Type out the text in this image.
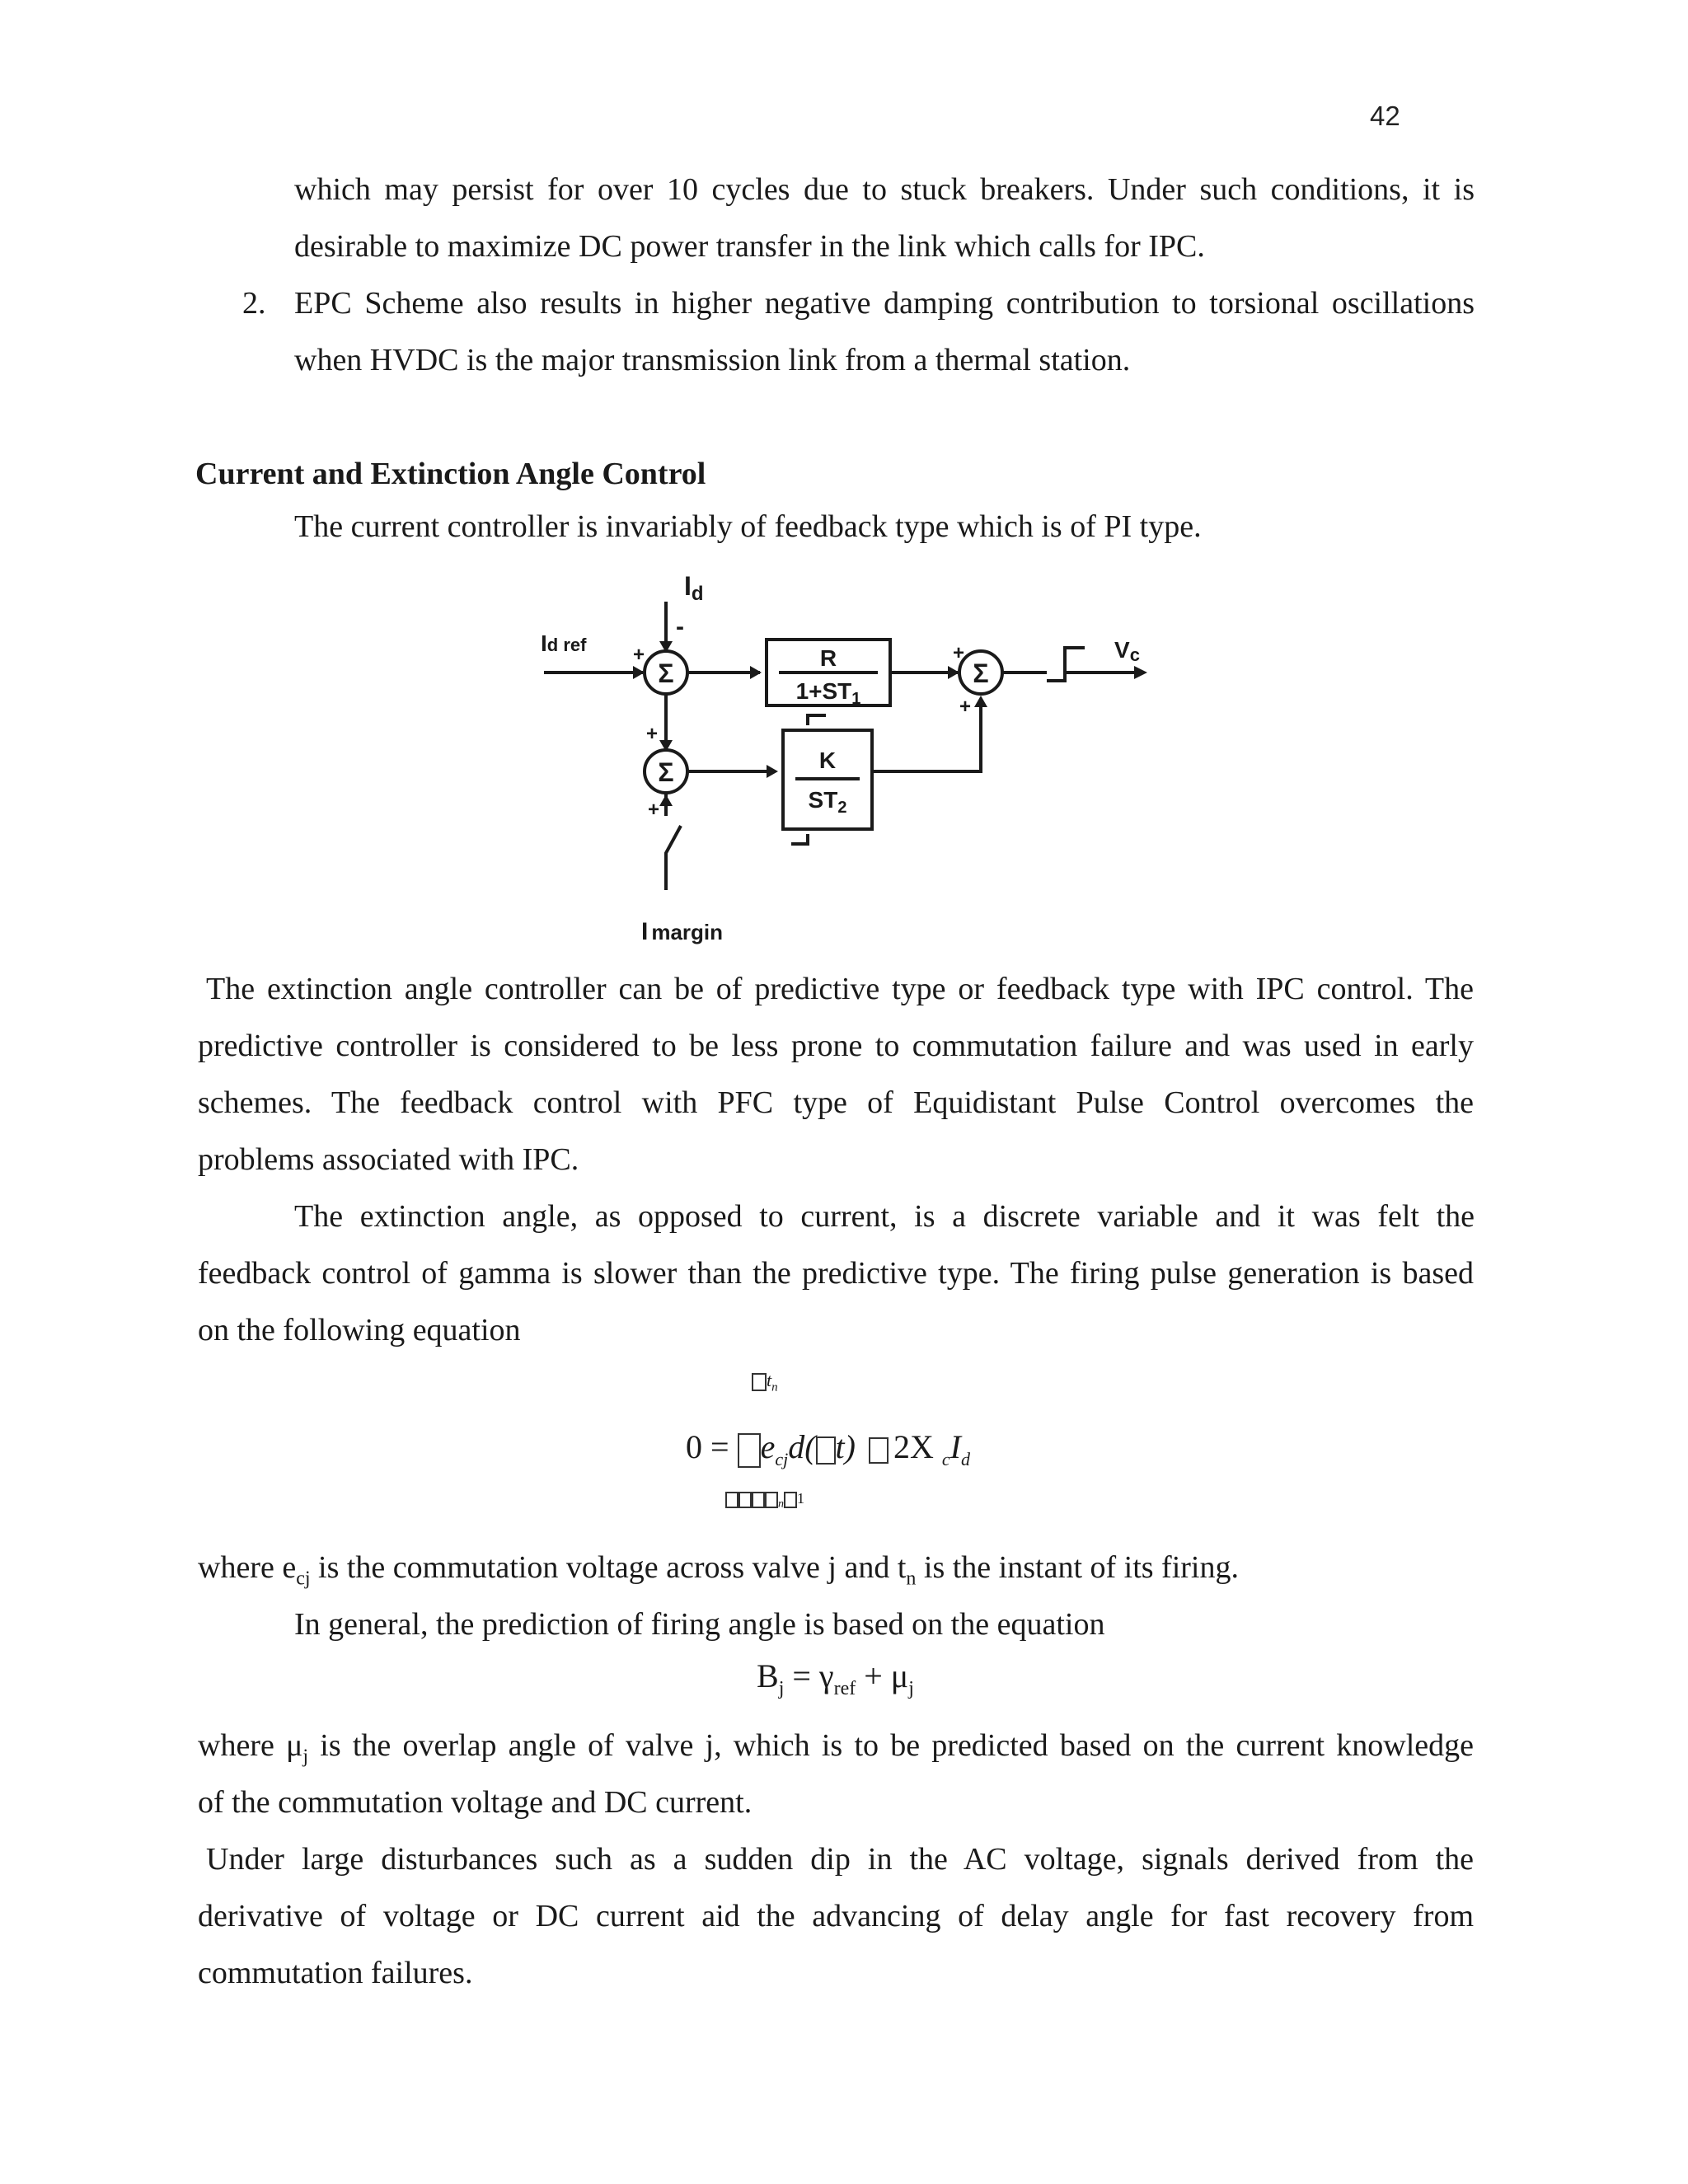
42

which may persist for over 10 cycles due to stuck breakers. Under such conditions, it is

desirable to maximize DC power transfer in the link which calls for IPC.

2. EPC Scheme also results in higher negative damping contribution to torsional oscillations

when HVDC is the major transmission link from a thermal station.

Current and Extinction Angle Control

The current controller is invariably of feedback type which is of PI type.

Σ
Σ
Σ
+
-
+
+
+
+
Id
Id ref
I margin
Vc
R
$1+ST_1$
K
$ST_2$

The extinction angle controller can be of predictive type or feedback type with IPC control. The

predictive controller is considered to be less prone to commutation failure and was used in early

schemes. The feedback control with PFC type of Equidistant Pulse Control overcomes the

problems associated with IPC.

The extinction angle, as opposed to current, is a discrete variable and it was felt the

feedback control of gamma is slower than the predictive type. The firing pulse generation is based

on the following equation

$t_n$
$0 = e_{cj}d$( t) 2X $_cI_d$
$_n$ 1

where $e_{cj}$ is the commutation voltage across valve j and $t_n$ is the instant of its firing.

In general, the prediction of firing angle is based on the equation

$B_j = \gamma_{ref} + \mu_j$

where $\mu_j$ is the overlap angle of valve j, which is to be predicted based on the current knowledge

of the commutation voltage and DC current.

Under large disturbances such as a sudden dip in the AC voltage, signals derived from the

derivative of voltage or DC current aid the advancing of delay angle for fast recovery from

commutation failures.
